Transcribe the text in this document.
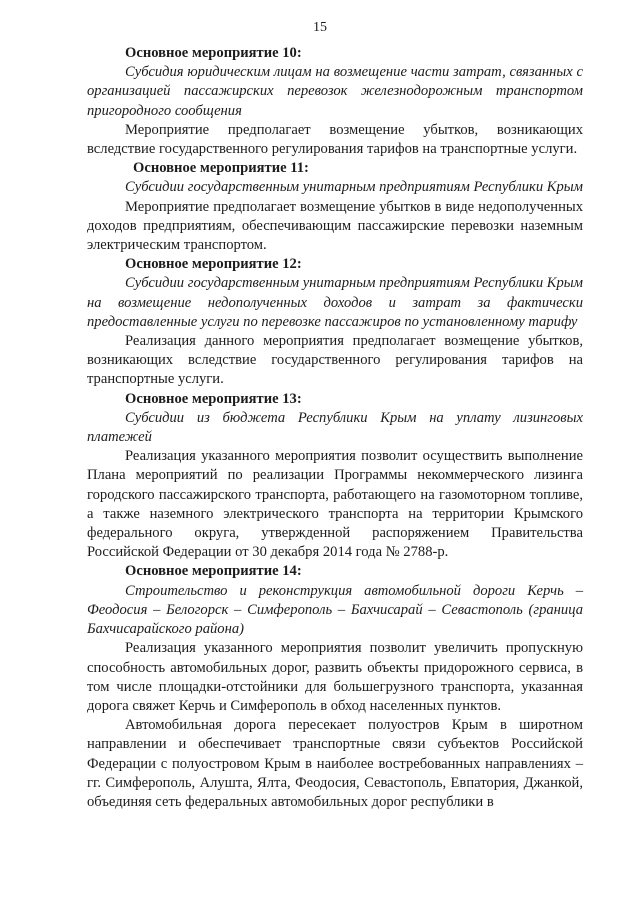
15
Основное мероприятие 10:
Субсидия юридическим лицам на возмещение части затрат, связанных с организацией пассажирских перевозок железнодорожным транспортом пригородного сообщения
Мероприятие предполагает возмещение убытков, возникающих вследствие государственного регулирования тарифов на транспортные услуги.
Основное мероприятие 11:
Субсидии государственным унитарным предприятиям Республики Крым
Мероприятие предполагает возмещение убытков в виде недополученных доходов предприятиям, обеспечивающим пассажирские перевозки наземным электрическим транспортом.
Основное мероприятие 12:
Субсидии государственным унитарным предприятиям Республики Крым на возмещение недополученных доходов и затрат за фактически предоставленные услуги по перевозке пассажиров по установленному тарифу
Реализация данного мероприятия предполагает возмещение убытков, возникающих вследствие государственного регулирования тарифов на транспортные услуги.
Основное мероприятие 13:
Субсидии из бюджета Республики Крым на уплату лизинговых платежей
Реализация указанного мероприятия позволит осуществить выполнение Плана мероприятий по реализации Программы некоммерческого лизинга городского пассажирского транспорта, работающего на газомоторном топливе, а также наземного электрического транспорта на территории Крымского федерального округа, утвержденной распоряжением Правительства Российской Федерации от 30 декабря 2014 года № 2788-р.
Основное мероприятие 14:
Строительство и реконструкция автомобильной дороги Керчь – Феодосия – Белогорск – Симферополь – Бахчисарай – Севастополь (граница Бахчисарайского района)
Реализация указанного мероприятия позволит увеличить пропускную способность автомобильных дорог, развить объекты придорожного сервиса, в том числе площадки-отстойники для большегрузного транспорта, указанная дорога свяжет Керчь и Симферополь в обход населенных пунктов.
Автомобильная дорога пересекает полуостров Крым в широтном направлении и обеспечивает транспортные связи субъектов Российской Федерации с полуостровом Крым в наиболее востребованных направлениях – гг. Симферополь, Алушта, Ялта, Феодосия, Севастополь, Евпатория, Джанкой, объединяя сеть федеральных автомобильных дорог республики в
